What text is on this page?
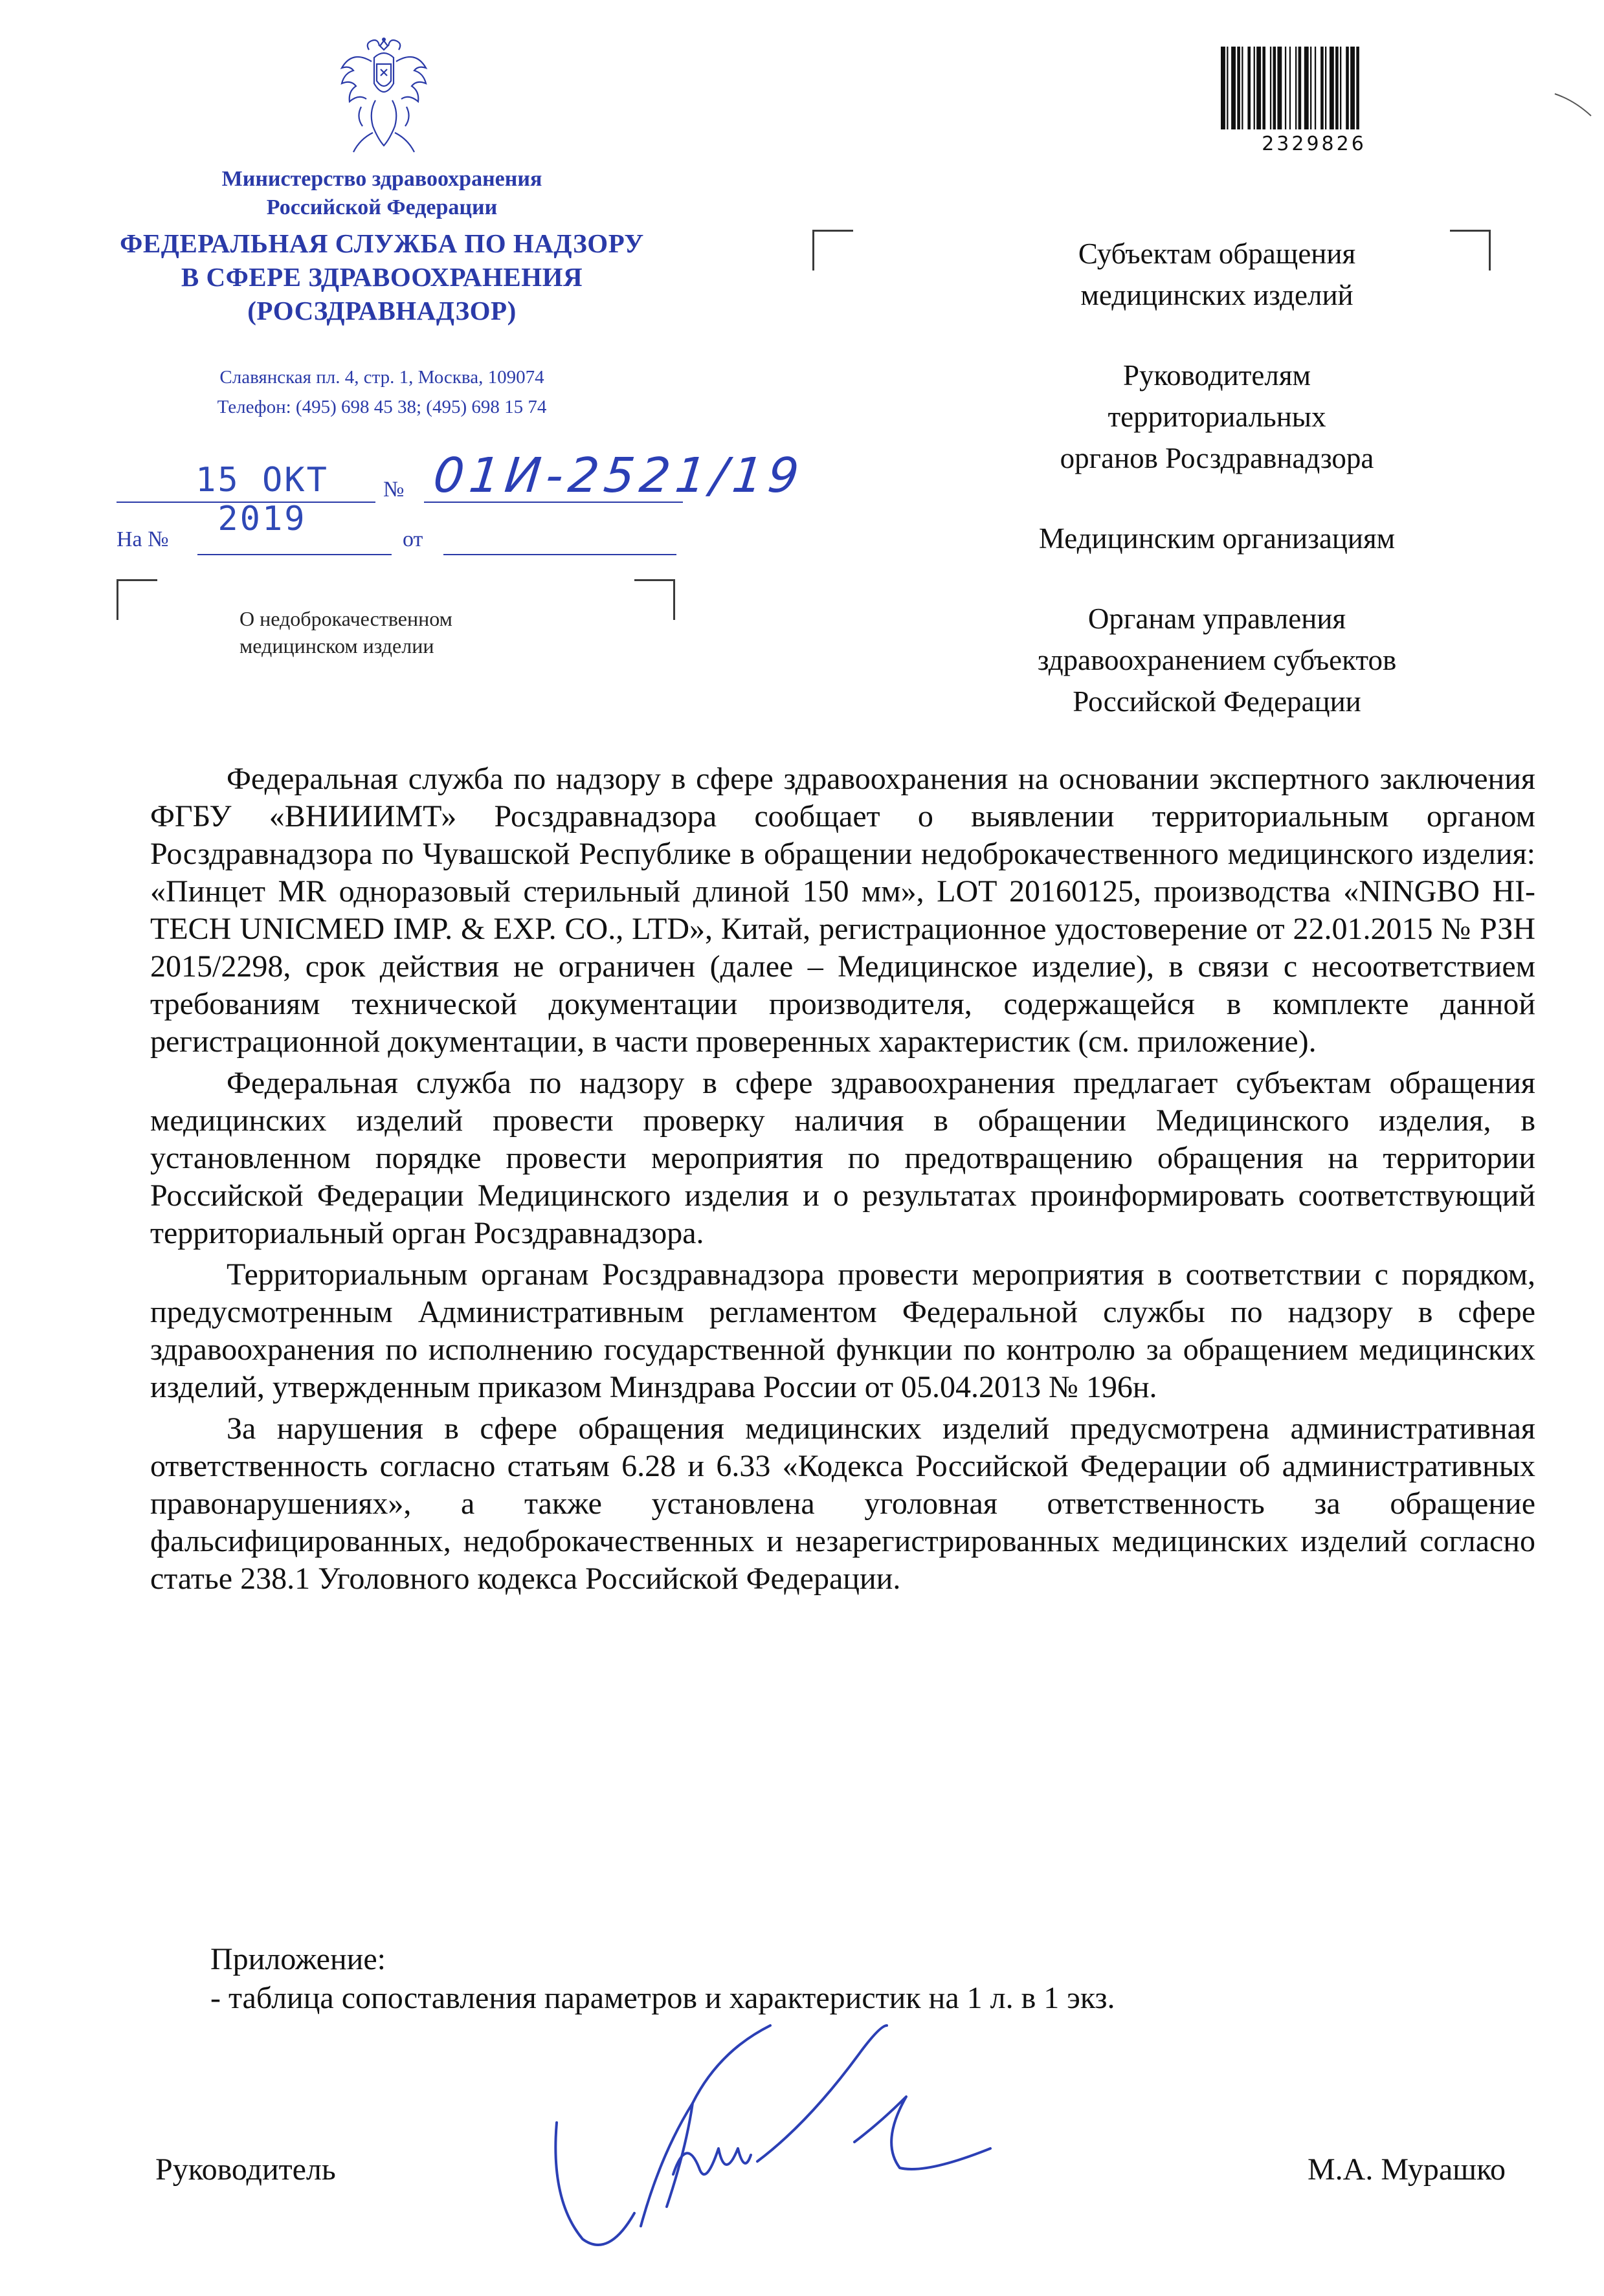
Министерство здравоохранения
Российской Федерации
ФЕДЕРАЛЬНАЯ СЛУЖБА ПО НАДЗОРУ
В СФЕРЕ ЗДРАВООХРАНЕНИЯ
(РОСЗДРАВНАДЗОР)
Славянская пл. 4, стр. 1, Москва, 109074
Телефон: (495) 698 45 38; (495) 698 15 74
15 ОКТ 2019
№ 01И-2521/19
На №	от
О недоброкачественном
медицинском изделии
2329826
Субъектам обращения
медицинских изделий
Руководителям
территориальных
органов Росздравнадзора
Медицинским организациям
Органам управления
здравоохранением субъектов
Российской Федерации

Федеральная служба по надзору в сфере здравоохранения на основании экспертного заключения ФГБУ «ВНИИИМТ» Росздравнадзора сообщает о выявлении территориальным органом Росздравнадзора по Чувашской Республике в обращении недоброкачественного медицинского изделия: «Пинцет MR одноразовый стерильный длиной 150 мм», LOT 20160125, производства «NINGBO HI-TECH UNICMED IMP. & EXP. CO., LTD», Китай, регистрационное удостоверение от 22.01.2015 № РЗН 2015/2298, срок действия не ограничен (далее – Медицинское изделие), в связи с несоответствием требованиям технической документации производителя, содержащейся в комплекте данной регистрационной документации, в части проверенных характеристик (см. приложение).

Федеральная служба по надзору в сфере здравоохранения предлагает субъектам обращения медицинских изделий провести проверку наличия в обращении Медицинского изделия, в установленном порядке провести мероприятия по предотвращению обращения на территории Российской Федерации Медицинского изделия и о результатах проинформировать соответствующий территориальный орган Росздравнадзора.

Территориальным органам Росздравнадзора провести мероприятия в соответствии с порядком, предусмотренным Административным регламентом Федеральной службы по надзору в сфере здравоохранения по исполнению государственной функции по контролю за обращением медицинских изделий, утвержденным приказом Минздрава России от 05.04.2013 № 196н.

За нарушения в сфере обращения медицинских изделий предусмотрена административная ответственность согласно статьям 6.28 и 6.33 «Кодекса Российской Федерации об административных правонарушениях», а также установлена уголовная ответственность за обращение фальсифицированных, недоброкачественных и незарегистрированных медицинских изделий согласно статье 238.1 Уголовного кодекса Российской Федерации.

Приложение:
- таблица сопоставления параметров и характеристик на 1 л. в 1 экз.
Руководитель	М.А. Мурашко
